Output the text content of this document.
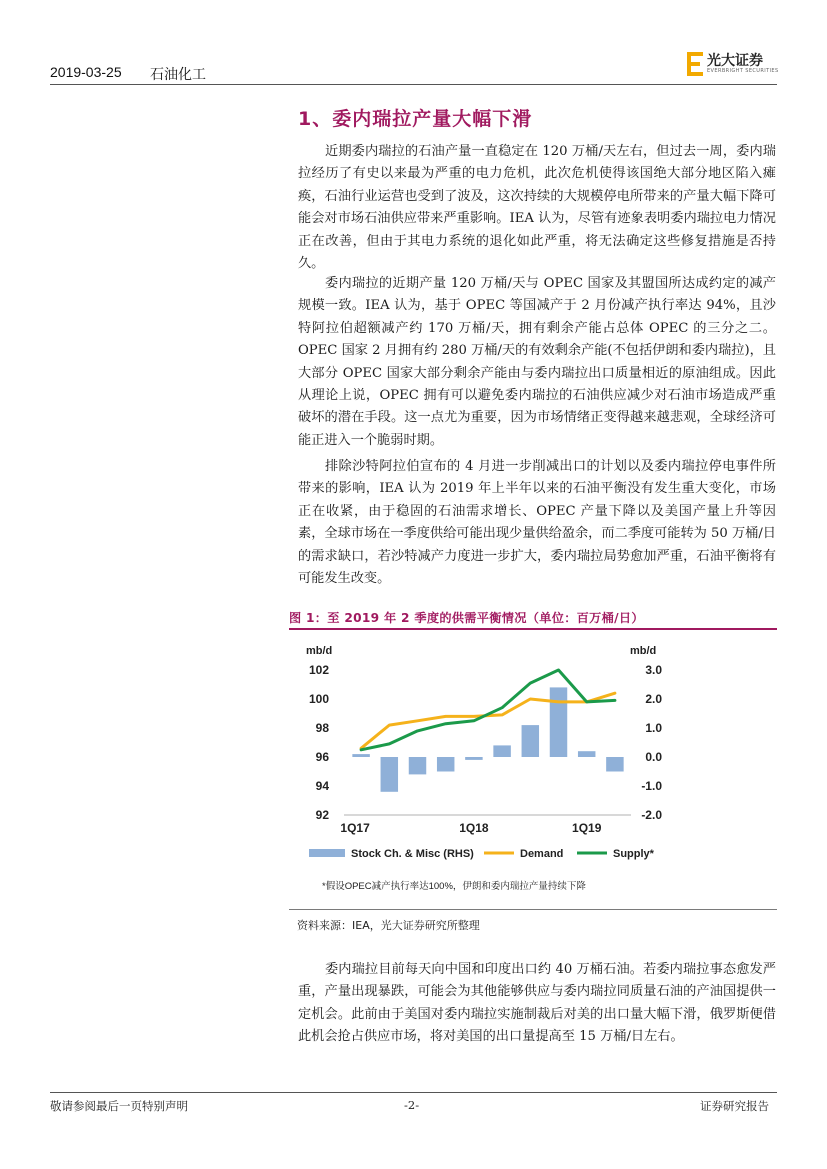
2019-03-25 石油化工
光大证券
EVERBRIGHT SECURITIES
1、委内瑞拉产量大幅下滑

近期委内瑞拉的石油产量一直稳定在 120 万桶/天左右，但过去一周，委内瑞拉经历了有史以来最为严重的电力危机，此次危机使得该国绝大部分地区陷入瘫痪，石油行业运营也受到了波及，这次持续的大规模停电所带来的产量大幅下降可能会对市场石油供应带来严重影响。IEA 认为，尽管有迹象表明委内瑞拉电力情况正在改善，但由于其电力系统的退化如此严重，将无法确定这些修复措施是否持久。

委内瑞拉的近期产量 120 万桶/天与 OPEC 国家及其盟国所达成约定的减产规模一致。IEA 认为，基于 OPEC 等国减产于 2 月份减产执行率达 94%，且沙特阿拉伯超额减产约 170 万桶/天，拥有剩余产能占总体 OPEC 的三分之二。OPEC 国家 2 月拥有约 280 万桶/天的有效剩余产能(不包括伊朗和委内瑞拉)，且大部分 OPEC 国家大部分剩余产能由与委内瑞拉出口质量相近的原油组成。因此从理论上说，OPEC 拥有可以避免委内瑞拉的石油供应减少对石油市场造成严重破坏的潜在手段。这一点尤为重要，因为市场情绪正变得越来越悲观，全球经济可能正进入一个脆弱时期。

排除沙特阿拉伯宣布的 4 月进一步削减出口的计划以及委内瑞拉停电事件所带来的影响，IEA 认为 2019 年上半年以来的石油平衡没有发生重大变化，市场正在收紧，由于稳固的石油需求增长、OPEC 产量下降以及美国产量上升等因素，全球市场在一季度供给可能出现少量供给盈余，而二季度可能转为 50 万桶/日的需求缺口，若沙特减产力度进一步扩大，委内瑞拉局势愈加严重，石油平衡将有可能发生改变。

图 1：至 2019 年 2 季度的供需平衡情况（单位：百万桶/日）
mb/d	mb/d
102
100
98
96
94
92
3.0
2.0
1.0
0.0
-1.0
-2.0
1Q17	1Q18	1Q19
Stock Ch. & Misc (RHS)	Demand	Supply*
*假设OPEC减产执行率达100%，伊朗和委内瑞拉产量持续下降
资料来源：IEA，光大证券研究所整理

委内瑞拉目前每天向中国和印度出口约 40 万桶石油。若委内瑞拉事态愈发严重，产量出现暴跌，可能会为其他能够供应与委内瑞拉同质量石油的产油国提供一定机会。此前由于美国对委内瑞拉实施制裁后对美的出口量大幅下滑，俄罗斯便借此机会抢占供应市场，将对美国的出口量提高至 15 万桶/日左右。

敬请参阅最后一页特别声明	-2-	证券研究报告
